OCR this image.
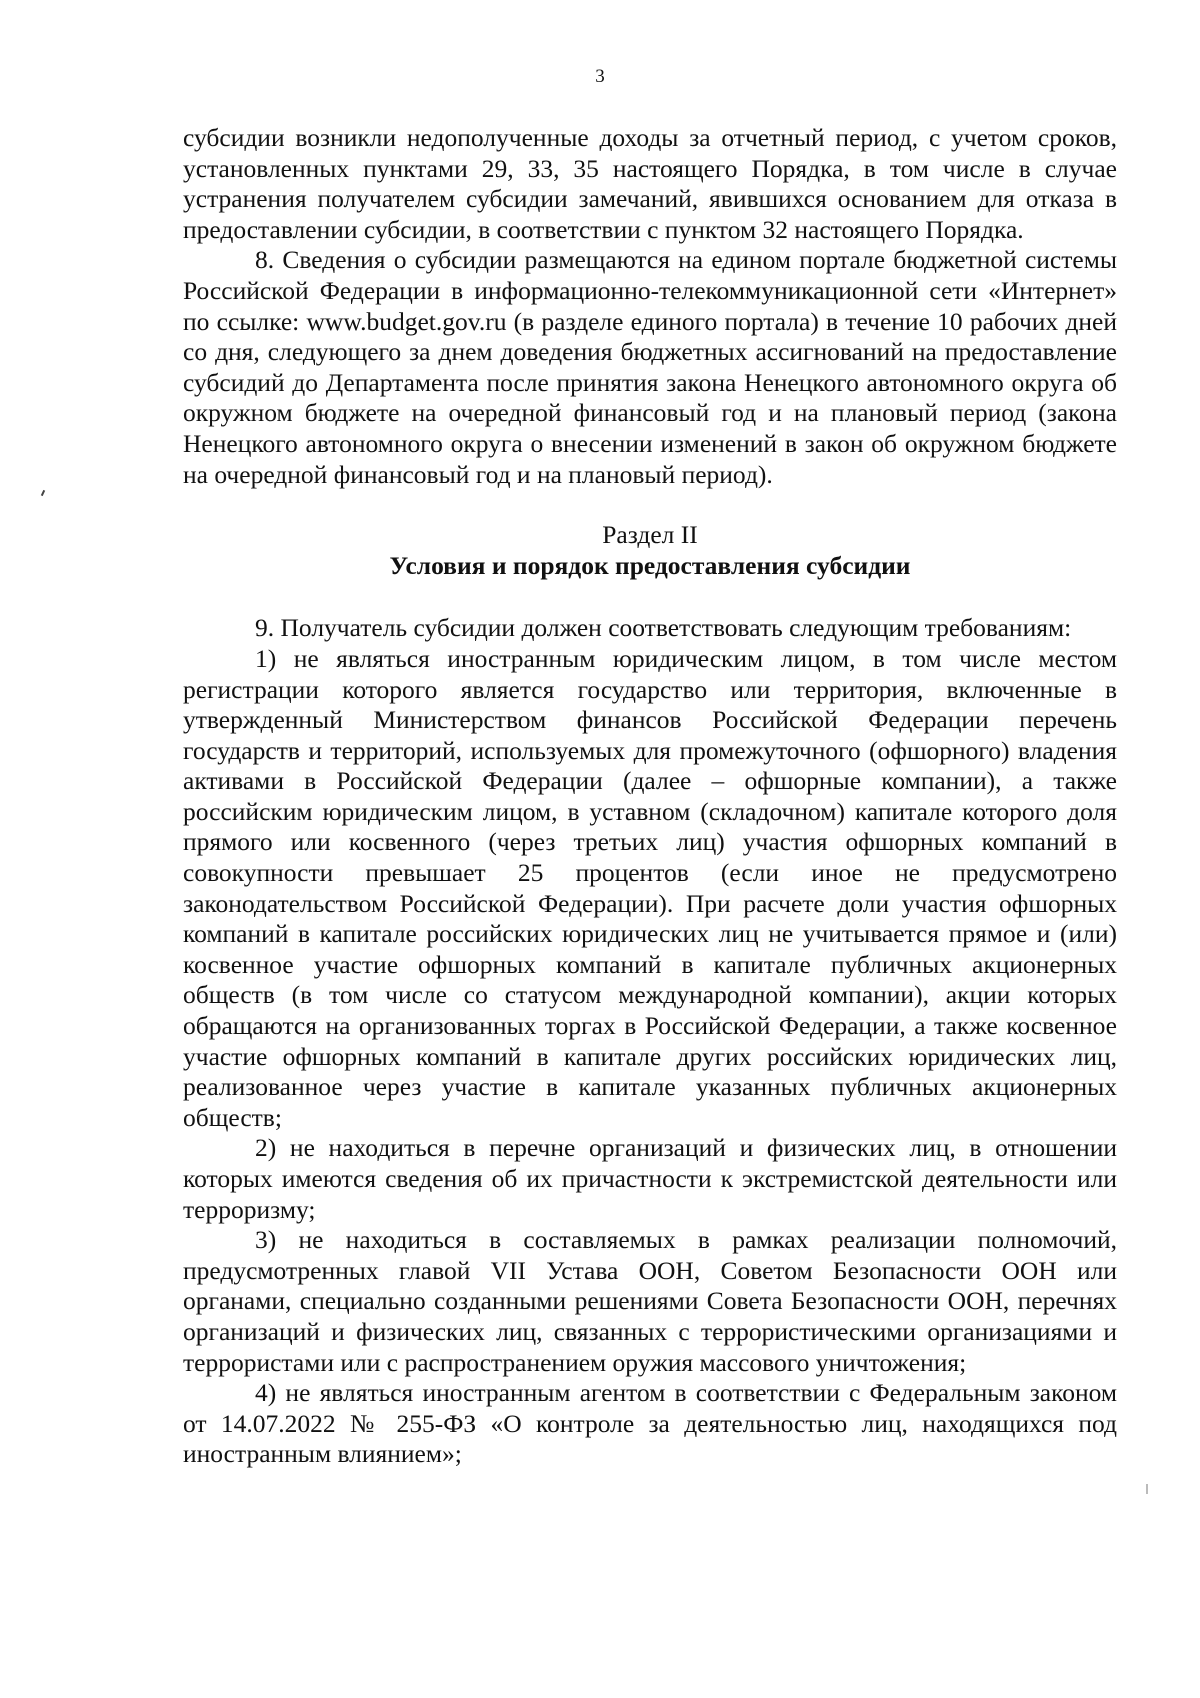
3

субсидии возникли недополученные доходы за отчетный период, с учетом сроков, установленных пунктами 29, 33, 35 настоящего Порядка, в том числе в случае устранения получателем субсидии замечаний, явившихся основанием для отказа в предоставлении субсидии, в соответствии с пунктом 32 настоящего Порядка.

8. Сведения о субсидии размещаются на едином портале бюджетной системы Российской Федерации в информационно-телекоммуникационной сети «Интернет» по ссылке: www.budget.gov.ru (в разделе единого портала) в течение 10 рабочих дней со дня, следующего за днем доведения бюджетных ассигнований на предоставление субсидий до Департамента после принятия закона Ненецкого автономного округа об окружном бюджете на очередной финансовый год и на плановый период (закона Ненецкого автономного округа о внесении изменений в закон об окружном бюджете на очередной финансовый год и на плановый период).

Раздел II
Условия и порядок предоставления субсидии

9. Получатель субсидии должен соответствовать следующим требованиям:

1) не являться иностранным юридическим лицом, в том числе местом регистрации которого является государство или территория, включенные в утвержденный Министерством финансов Российской Федерации перечень государств и территорий, используемых для промежуточного (офшорного) владения активами в Российской Федерации (далее – офшорные компании), а также российским юридическим лицом, в уставном (складочном) капитале которого доля прямого или косвенного (через третьих лиц) участия офшорных компаний в совокупности превышает 25 процентов (если иное не предусмотрено законодательством Российской Федерации). При расчете доли участия офшорных компаний в капитале российских юридических лиц не учитывается прямое и (или) косвенное участие офшорных компаний в капитале публичных акционерных обществ (в том числе со статусом международной компании), акции которых обращаются на организованных торгах в Российской Федерации, а также косвенное участие офшорных компаний в капитале других российских юридических лиц, реализованное через участие в капитале указанных публичных акционерных обществ;

2) не находиться в перечне организаций и физических лиц, в отношении которых имеются сведения об их причастности к экстремистской деятельности или терроризму;

3) не находиться в составляемых в рамках реализации полномочий, предусмотренных главой VII Устава ООН, Советом Безопасности ООН или органами, специально созданными решениями Совета Безопасности ООН, перечнях организаций и физических лиц, связанных с террористическими организациями и террористами или с распространением оружия массового уничтожения;

4) не являться иностранным агентом в соответствии с Федеральным законом от 14.07.2022 № 255-ФЗ «О контроле за деятельностью лиц, находящихся под иностранным влиянием»;
